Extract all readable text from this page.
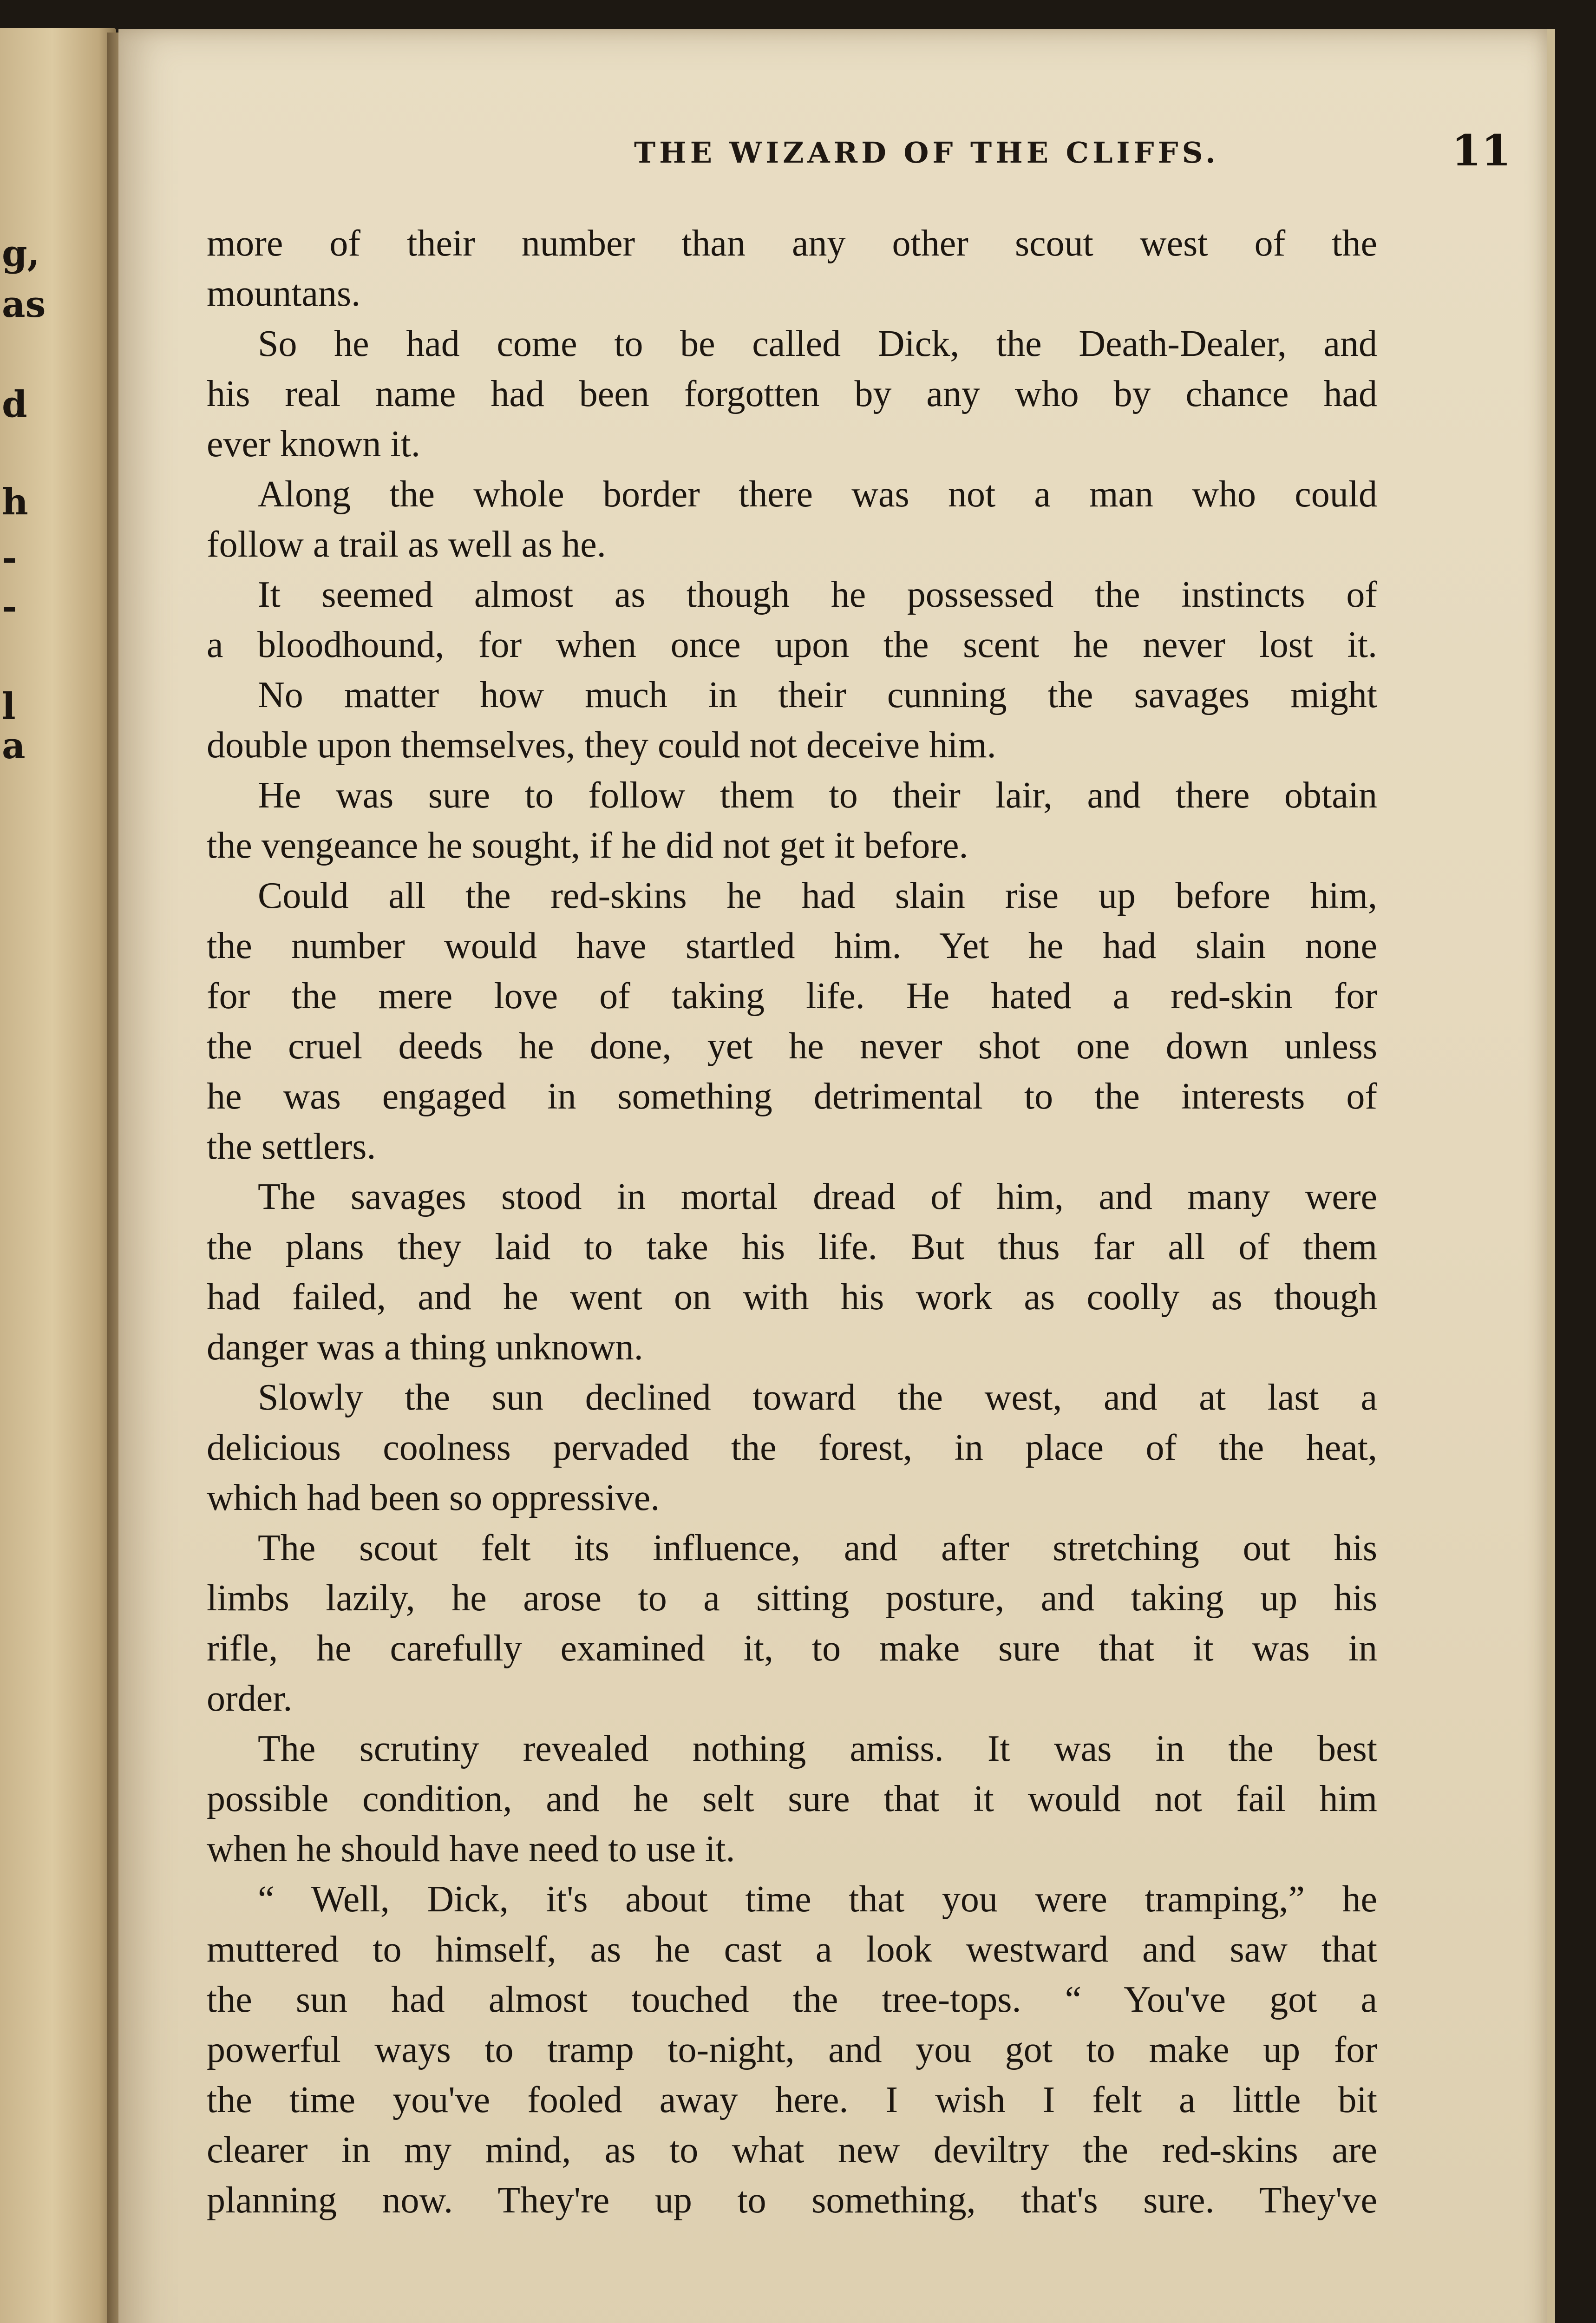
g,
as
d
h
-
-
l
a
THE WIZARD OF THE CLIFFS.	11
more of their number than any other scout west of the
mountans.
So he had come to be called Dick, the Death-Dealer, and
his real name had been forgotten by any who by chance had
ever known it.
Along the whole border there was not a man who could
follow a trail as well as he.
It seemed almost as though he possessed the instincts of
a bloodhound, for when once upon the scent he never lost it.
No matter how much in their cunning the savages might
double upon themselves, they could not deceive him.
He was sure to follow them to their lair, and there obtain
the vengeance he sought, if he did not get it before.
Could all the red-skins he had slain rise up before him,
the number would have startled him. Yet he had slain none
for the mere love of taking life. He hated a red-skin for
the cruel deeds he done, yet he never shot one down unless
he was engaged in something detrimental to the interests of
the settlers.
The savages stood in mortal dread of him, and many were
the plans they laid to take his life. But thus far all of them
had failed, and he went on with his work as coolly as though
danger was a thing unknown.
Slowly the sun declined toward the west, and at last a
delicious coolness pervaded the forest, in place of the heat,
which had been so oppressive.
The scout felt its influence, and after stretching out his
limbs lazily, he arose to a sitting posture, and taking up his
rifle, he carefully examined it, to make sure that it was in
order.
The scrutiny revealed nothing amiss. It was in the best
possible condition, and he selt sure that it would not fail him
when he should have need to use it.
“ Well, Dick, it's about time that you were tramping,” he
muttered to himself, as he cast a look westward and saw that
the sun had almost touched the tree-tops. “ You've got a
powerful ways to tramp to-night, and you got to make up for
the time you've fooled away here. I wish I felt a little bit
clearer in my mind, as to what new deviltry the red-skins are
planning now. They're up to something, that's sure. They've
